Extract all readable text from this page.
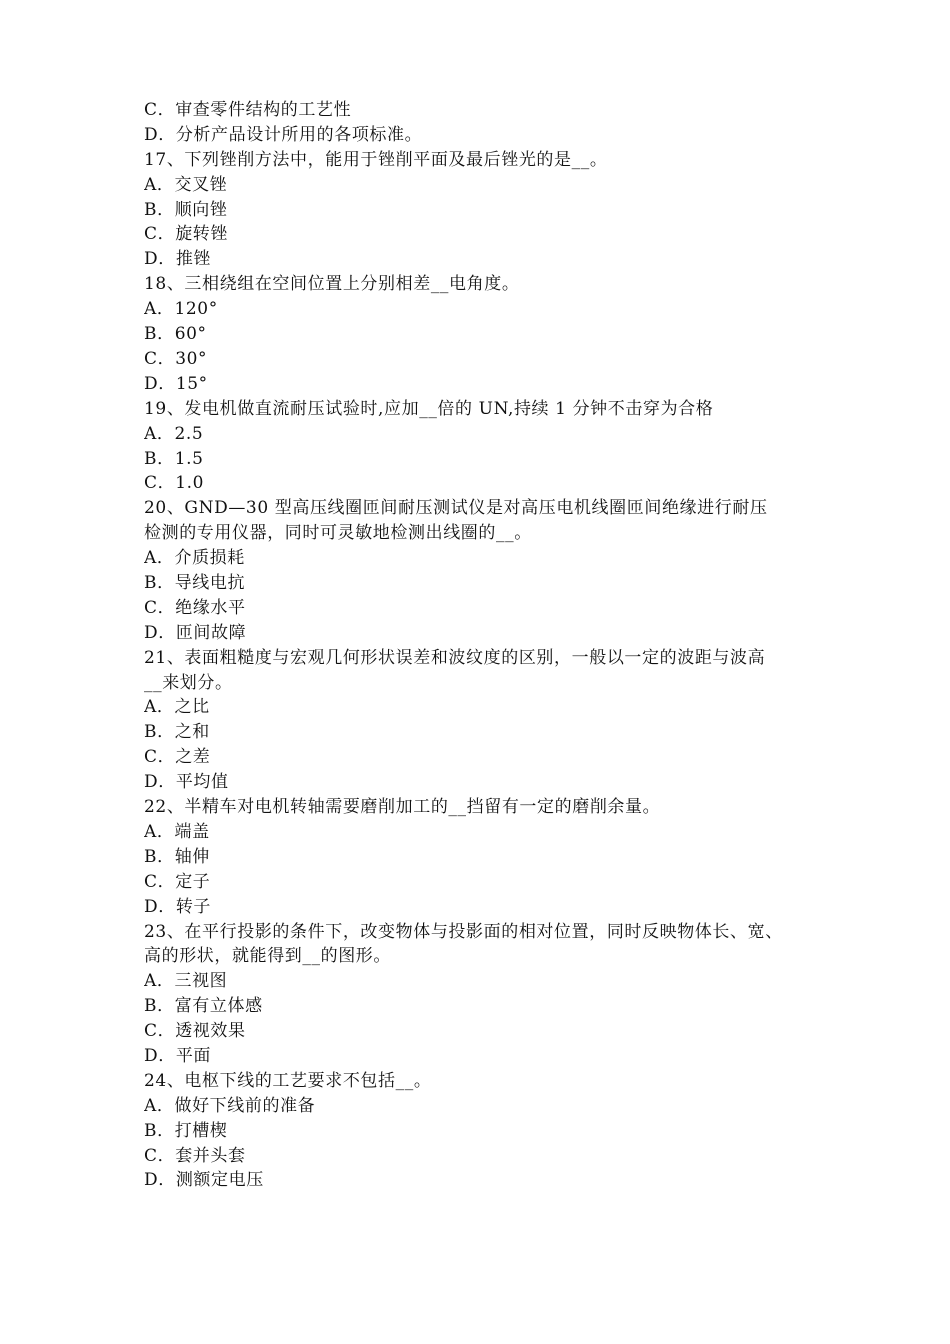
C．审查零件结构的工艺性
D．分析产品设计所用的各项标准。
17、下列锉削方法中，能用于锉削平面及最后锉光的是__。
A．交叉锉
B．顺向锉
C．旋转锉
D．推锉
18、三相绕组在空间位置上分别相差__电角度。
A．120°
B．60°
C．30°
D．15°
19、发电机做直流耐压试验时,应加__倍的 UN,持续 1 分钟不击穿为合格
A．2.5
B．1.5
C．1.0
20、GND—30 型高压线圈匝间耐压测试仪是对高压电机线圈匝间绝缘进行耐压
检测的专用仪器，同时可灵敏地检测出线圈的__。
A．介质损耗
B．导线电抗
C．绝缘水平
D．匝间故障
21、表面粗糙度与宏观几何形状误差和波纹度的区别，一般以一定的波距与波高
__来划分。
A．之比
B．之和
C．之差
D．平均值
22、半精车对电机转轴需要磨削加工的__挡留有一定的磨削余量。
A．端盖
B．轴伸
C．定子
D．转子
23、在平行投影的条件下，改变物体与投影面的相对位置，同时反映物体长、宽、
高的形状，就能得到__的图形。
A．三视图
B．富有立体感
C．透视效果
D．平面
24、电枢下线的工艺要求不包括__。
A．做好下线前的准备
B．打槽楔
C．套并头套
D．测额定电压
